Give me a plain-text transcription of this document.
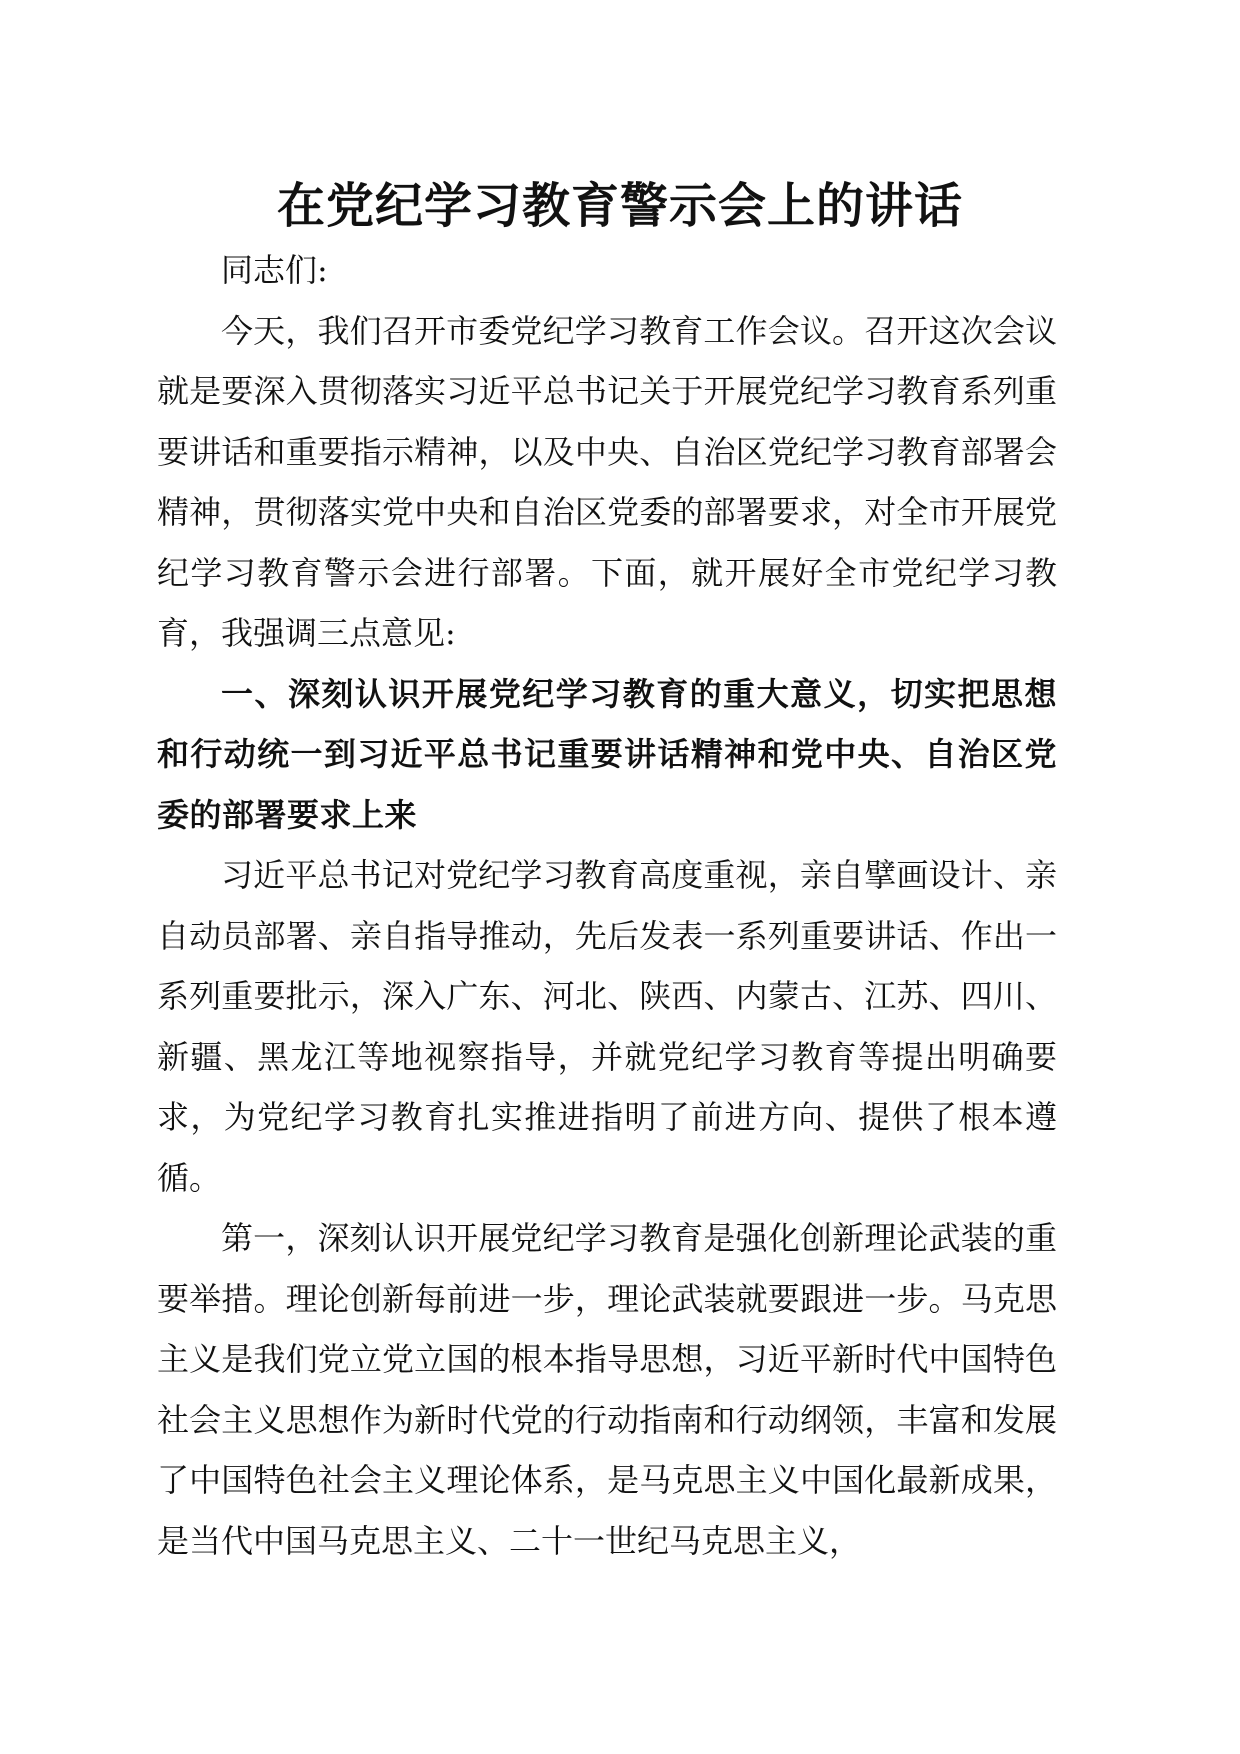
在党纪学习教育警示会上的讲话

同志们:

今天，我们召开市委党纪学习教育工作会议。召开这次会议就是要深入贯彻落实习近平总书记关于开展党纪学习教育系列重要讲话和重要指示精神，以及中央、自治区党纪学习教育部署会精神，贯彻落实党中央和自治区党委的部署要求，对全市开展党纪学习教育警示会进行部署。下面，就开展好全市党纪学习教育，我强调三点意见:

一、深刻认识开展党纪学习教育的重大意义，切实把思想和行动统一到习近平总书记重要讲话精神和党中央、自治区党委的部署要求上来

习近平总书记对党纪学习教育高度重视，亲自擘画设计、亲自动员部署、亲自指导推动，先后发表一系列重要讲话、作出一系列重要批示，深入广东、河北、陕西、内蒙古、江苏、四川、新疆、黑龙江等地视察指导，并就党纪学习教育等提出明确要求，为党纪学习教育扎实推进指明了前进方向、提供了根本遵循。

第一，深刻认识开展党纪学习教育是强化创新理论武装的重要举措。理论创新每前进一步，理论武装就要跟进一步。马克思主义是我们党立党立国的根本指导思想，习近平新时代中国特色社会主义思想作为新时代党的行动指南和行动纲领，丰富和发展了中国特色社会主义理论体系，是马克思主义中国化最新成果，是当代中国马克思主义、二十一世纪马克思主义，
